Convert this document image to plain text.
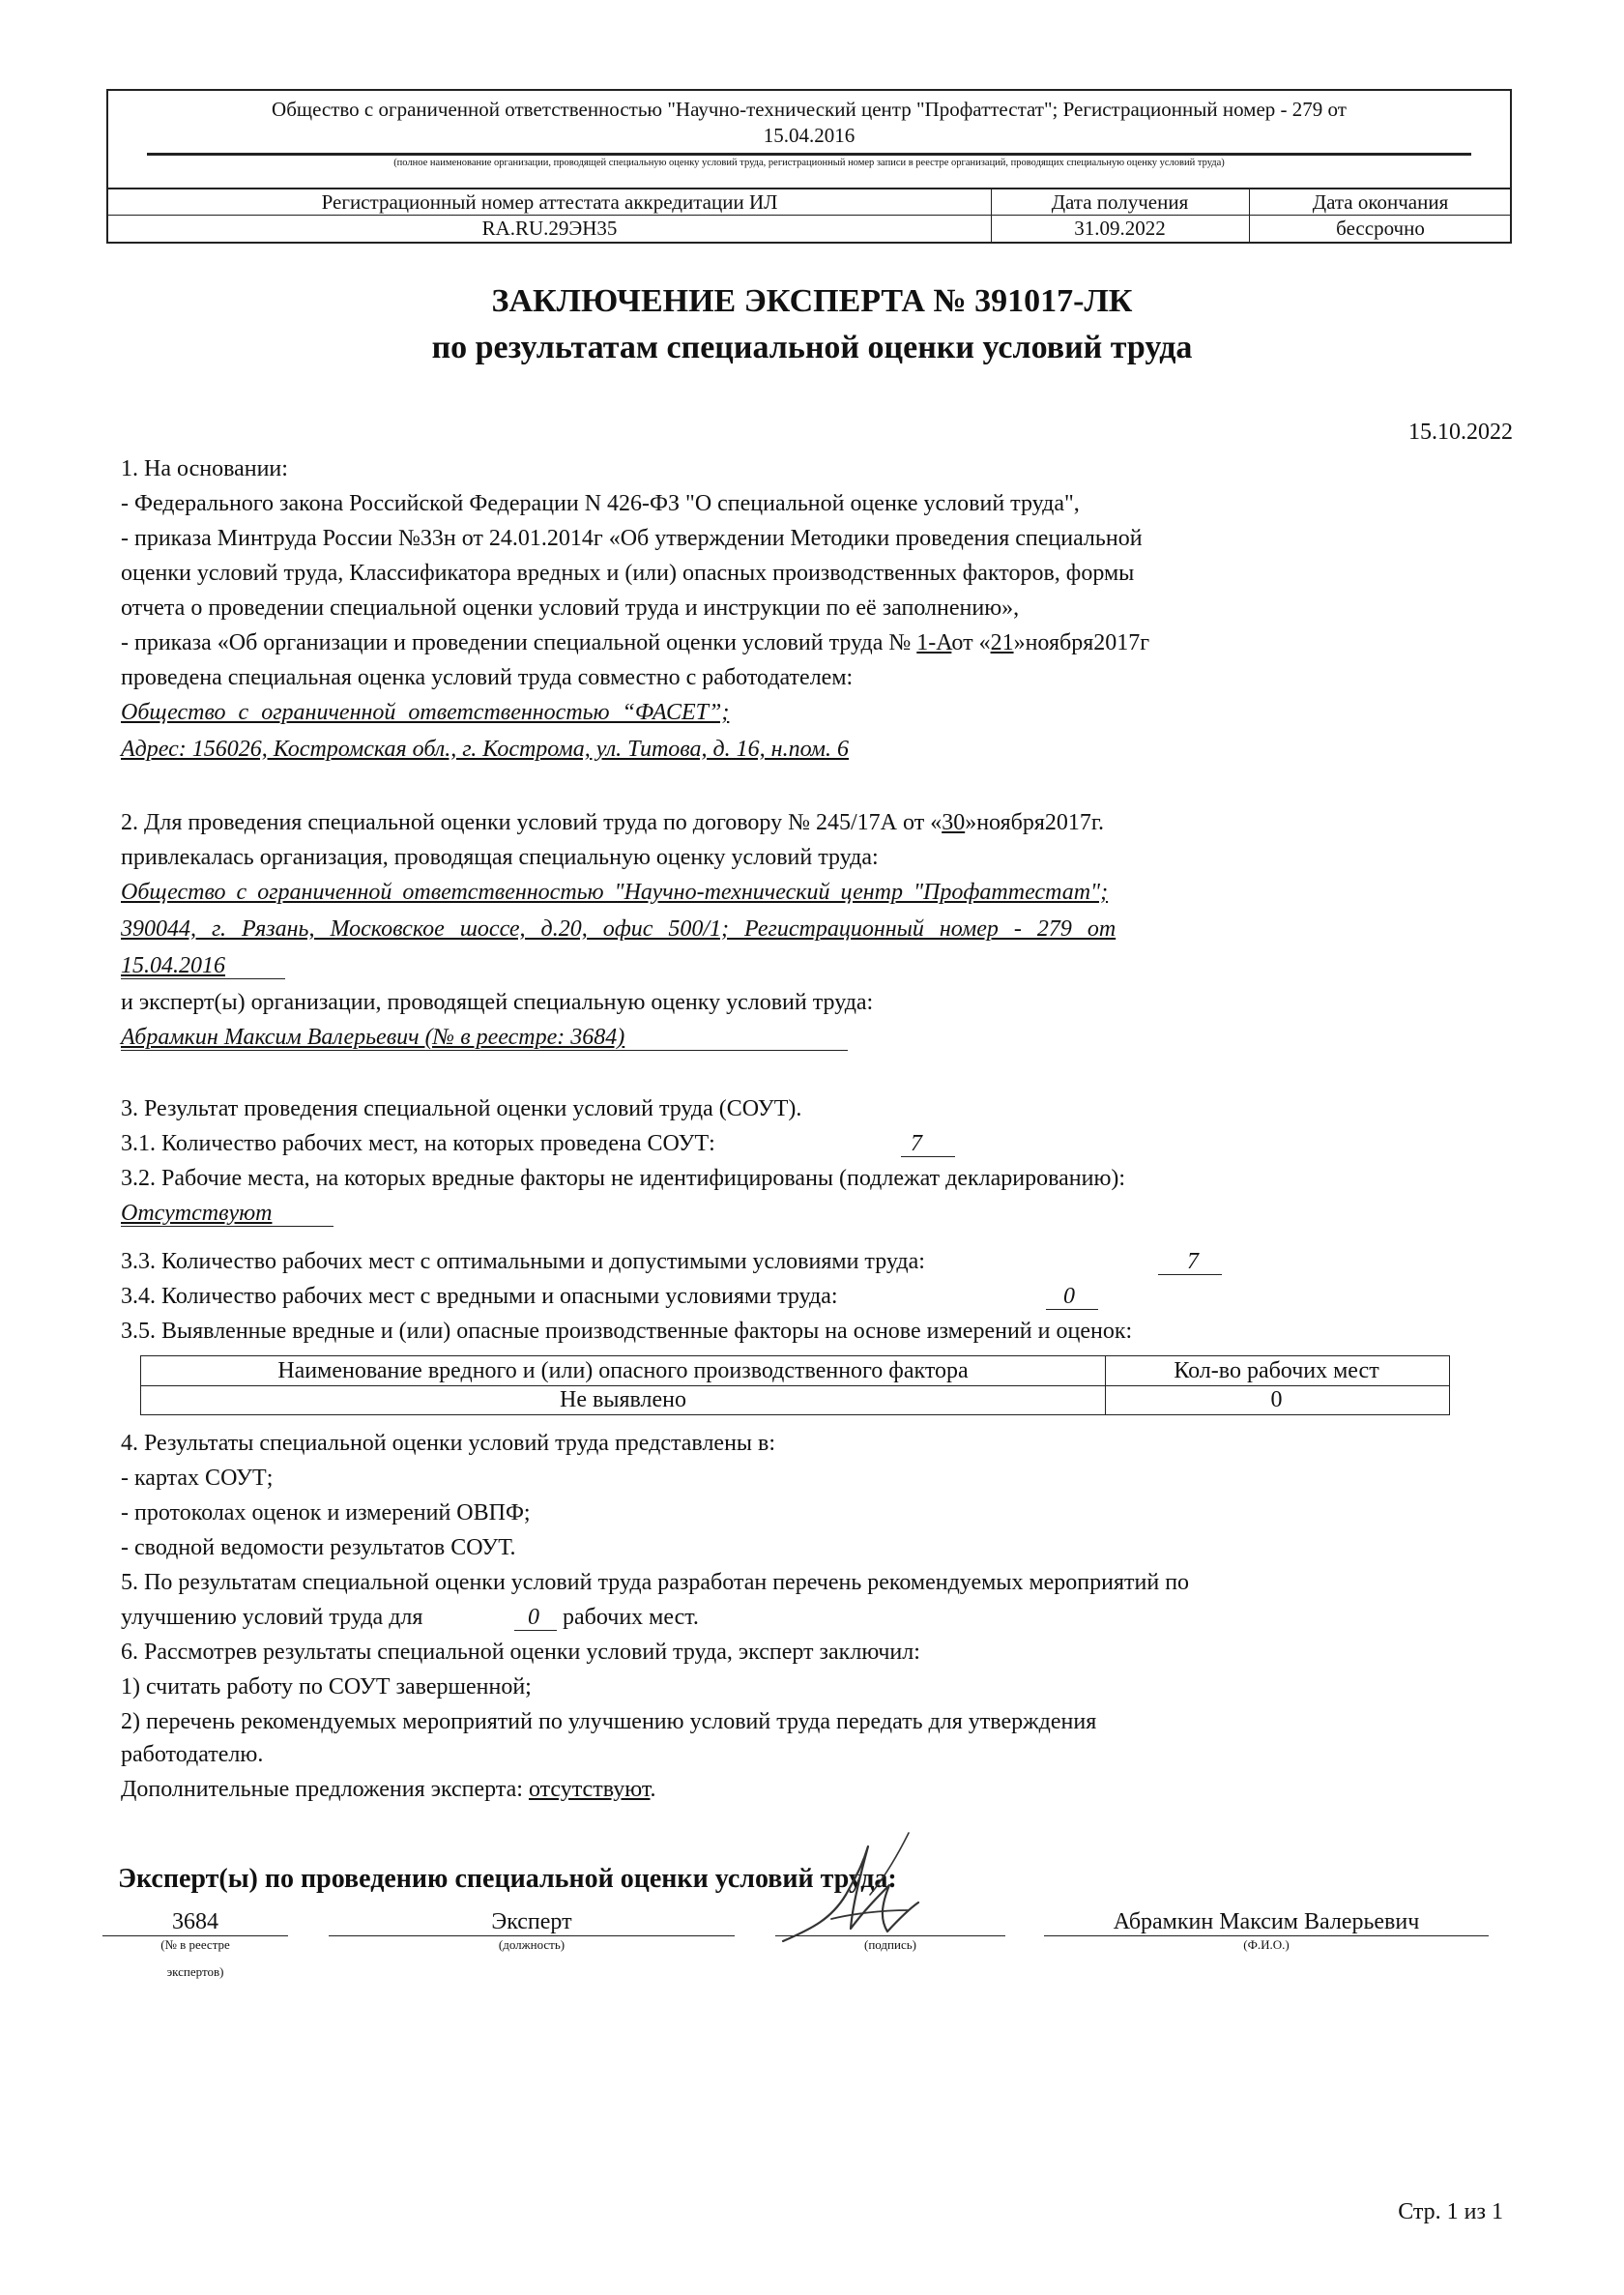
Общество с ограниченной ответственностью "Научно-технический центр "Профаттестат"; Регистрационный номер - 279 от
15.04.2016
(полное наименование организации, проводящей специальную оценку условий труда, регистрационный номер записи в реестре организаций, проводящих специальную оценку условий труда)
Регистрационный номер аттестата аккредитации ИЛ	Дата получения	Дата окончания
RA.RU.29ЭН35	31.09.2022	бессрочно
ЗАКЛЮЧЕНИЕ ЭКСПЕРТА № 391017-ЛК
по результатам специальной оценки условий труда
15.10.2022
1. На основании:
- Федерального закона Российской Федерации N 426-ФЗ "О специальной оценке условий труда",
- приказа Минтруда России №33н от 24.01.2014г «Об утверждении Методики проведения специальной
оценки условий труда, Классификатора вредных и (или) опасных производственных факторов, формы
отчета о проведении специальной оценки условий труда и инструкции по её заполнению»,
- приказа «Об организации и проведении специальной оценки условий труда № 1-Аот «21»ноября2017г
проведена специальная оценка условий труда совместно с работодателем:
Общество с ограниченной ответственностью “ФАСЕТ”;
Адрес: 156026, Костромская обл., г. Кострома, ул. Титова, д. 16, н.пом. 6
2. Для проведения специальной оценки условий труда по договору № 245/17А от «30»ноября2017г.
привлекалась организация, проводящая специальную оценку условий труда:
Общество с ограниченной ответственностью "Научно-технический центр "Профаттестат";
390044, г. Рязань, Московское шоссе, д.20, офис 500/1; Регистрационный номер - 279 от
15.04.2016
и эксперт(ы) организации, проводящей специальную оценку условий труда:
Абрамкин Максим Валерьевич (№ в реестре: 3684)
3. Результат проведения специальной оценки условий труда (СОУТ).
3.1. Количество рабочих мест, на которых проведена СОУТ:	7
3.2. Рабочие места, на которых вредные факторы не идентифицированы (подлежат декларированию):
Отсутствуют
3.3. Количество рабочих мест с оптимальными и допустимыми условиями труда:	7
3.4. Количество рабочих мест с вредными и опасными условиями труда:	0
3.5. Выявленные вредные и (или) опасные производственные факторы на основе измерений и оценок:
Наименование вредного и (или) опасного производственного фактора	Кол-во рабочих мест
Не выявлено	0
4. Результаты специальной оценки условий труда представлены в:
- картах СОУТ;
- протоколах оценок и измерений ОВПФ;
- сводной ведомости результатов СОУТ.
5. По результатам специальной оценки условий труда разработан перечень рекомендуемых мероприятий по
улучшению условий труда для	0 рабочих мест.
6. Рассмотрев результаты специальной оценки условий труда, эксперт заключил:
1) считать работу по СОУТ завершенной;
2) перечень рекомендуемых мероприятий по улучшению условий труда передать для утверждения
работодателю.
Дополнительные предложения эксперта: отсутствуют.
Эксперт(ы) по проведению специальной оценки условий труда:
3684
(№ в реестре
экспертов)
Эксперт
(должность)	(подпись)
Абрамкин Максим Валерьевич
(Ф.И.О.)
Стр. 1 из 1
